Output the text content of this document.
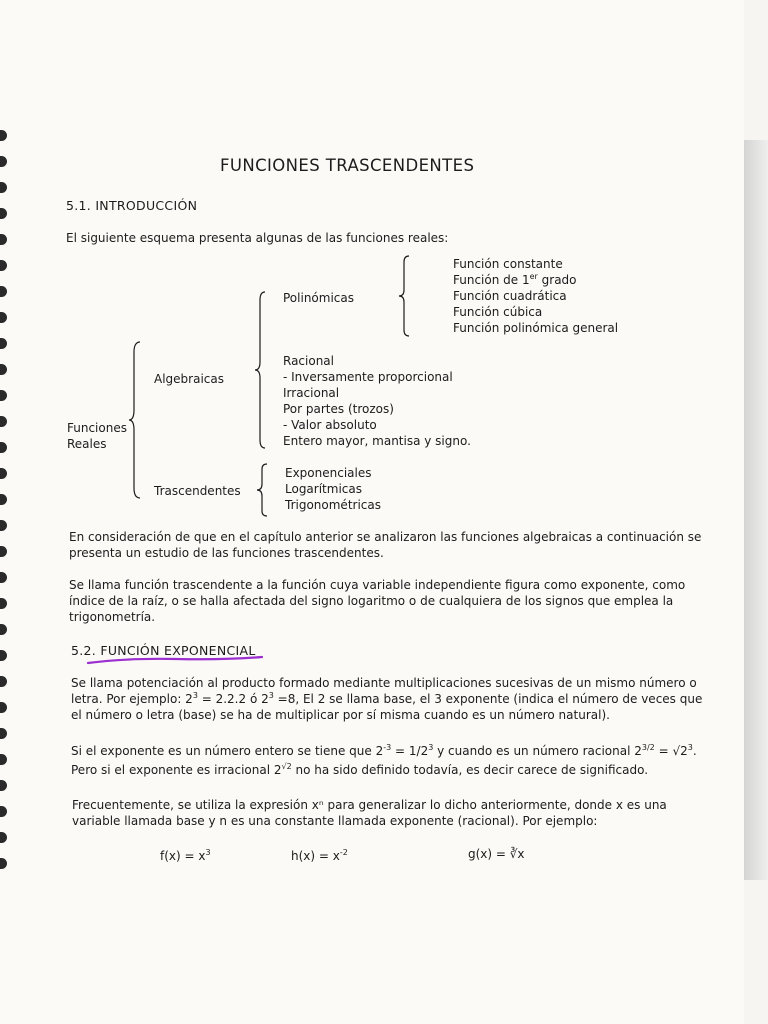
FUNCIONES TRASCENDENTES
5.1. INTRODUCCIÓN
El siguiente esquema presenta algunas de las funciones reales:
Funciones
Reales
Algebraicas
Trascendentes
Polinómicas
Función constante
Función de 1er grado
Función cuadrática
Función cúbica
Función polinómica general
Racional
- Inversamente proporcional
Irracional
Por partes (trozos)
- Valor absoluto
Entero mayor, mantisa y signo.
Exponenciales
Logarítmicas
Trigonométricas
En consideración de que en el capítulo anterior se analizaron las funciones algebraicas a continuación se
presenta un estudio de las funciones trascendentes.
Se llama función trascendente a la función cuya variable independiente figura como exponente, como
índice de la raíz, o se halla afectada del signo logaritmo o de cualquiera de los signos que emplea la
trigonometría.
5.2. FUNCIÓN EXPONENCIAL
Se llama potenciación al producto formado mediante multiplicaciones sucesivas de un mismo número o
letra. Por ejemplo: $2^3 = 2.2.2$ ó $2^3 =8$, El 2 se llama base, el 3 exponente (indica el número de veces que
el número o letra (base) se ha de multiplicar por sí misma cuando es un número natural).
Si el exponente es un número entero se tiene que $2^{-3} = 1/2^3$ y cuando es un número racional $2^{3/2} = √2^3$.
Pero si el exponente es irracional $2^{√2}$ no ha sido definido todavía, es decir carece de significado.
Frecuentemente, se utiliza la expresión xⁿ para generalizar lo dicho anteriormente, donde x es una
variable llamada base y n es una constante llamada exponente (racional). Por ejemplo:
$f(x) = x^3$	$h(x) = x^{-2}$	g(x) = ∛x
